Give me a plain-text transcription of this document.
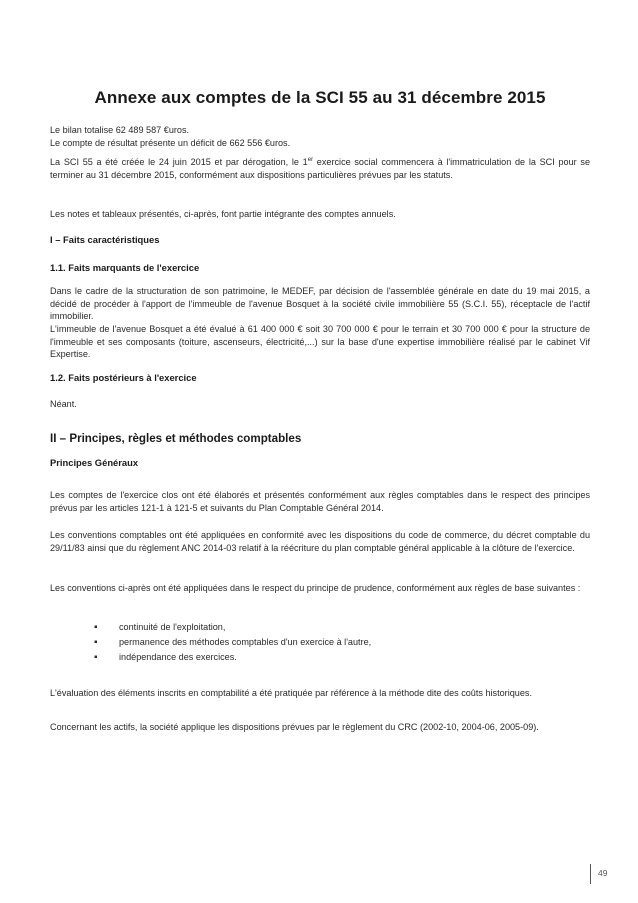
Annexe aux comptes de la SCI 55 au 31 décembre 2015
Le bilan totalise 62 489 587 €uros.
Le compte de résultat présente un déficit de 662 556 €uros.
La SCI 55 a été créée le 24 juin 2015 et par dérogation, le 1er exercice social commencera à l'immatriculation de la SCI pour se terminer au 31 décembre 2015, conformément aux dispositions particulières prévues par les statuts.
Les notes et tableaux présentés, ci-après, font partie intégrante des comptes annuels.
I – Faits caractéristiques
1.1. Faits marquants de l'exercice
Dans le cadre de la structuration de son patrimoine, le MEDEF, par décision de l'assemblée générale en date du 19 mai 2015, a décidé de procéder à l'apport de l'immeuble de l'avenue Bosquet à la société civile immobilière 55 (S.C.I. 55), réceptacle de l'actif immobilier.
L'immeuble de l'avenue Bosquet a été évalué à 61 400 000 € soit 30 700 000 € pour le terrain et 30 700 000 € pour la structure de l'immeuble et ses composants (toiture, ascenseurs, électricité,...) sur la base d'une expertise immobilière réalisé par le cabinet Vif Expertise.
1.2. Faits postérieurs à l'exercice
Néant.
II – Principes, règles et méthodes comptables
Principes Généraux
Les comptes de l'exercice clos ont été élaborés et présentés conformément aux règles comptables dans le respect des principes prévus par les articles 121-1 à 121-5 et suivants du Plan Comptable Général 2014.
Les conventions comptables ont été appliquées en conformité avec les dispositions du code de commerce, du décret comptable du 29/11/83 ainsi que du règlement ANC 2014-03 relatif à la réécriture du plan comptable général applicable à la clôture de l'exercice.
Les conventions ci-après ont été appliquées dans le respect du principe de prudence, conformément aux règles de base suivantes :
▪ continuité de l'exploitation,
▪ permanence des méthodes comptables d'un exercice à l'autre,
▪ indépendance des exercices.
L'évaluation des éléments inscrits en comptabilité a été pratiquée par référence à la méthode dite des coûts historiques.
Concernant les actifs, la société applique les dispositions prévues par le règlement du CRC (2002-10, 2004-06, 2005-09).
49
